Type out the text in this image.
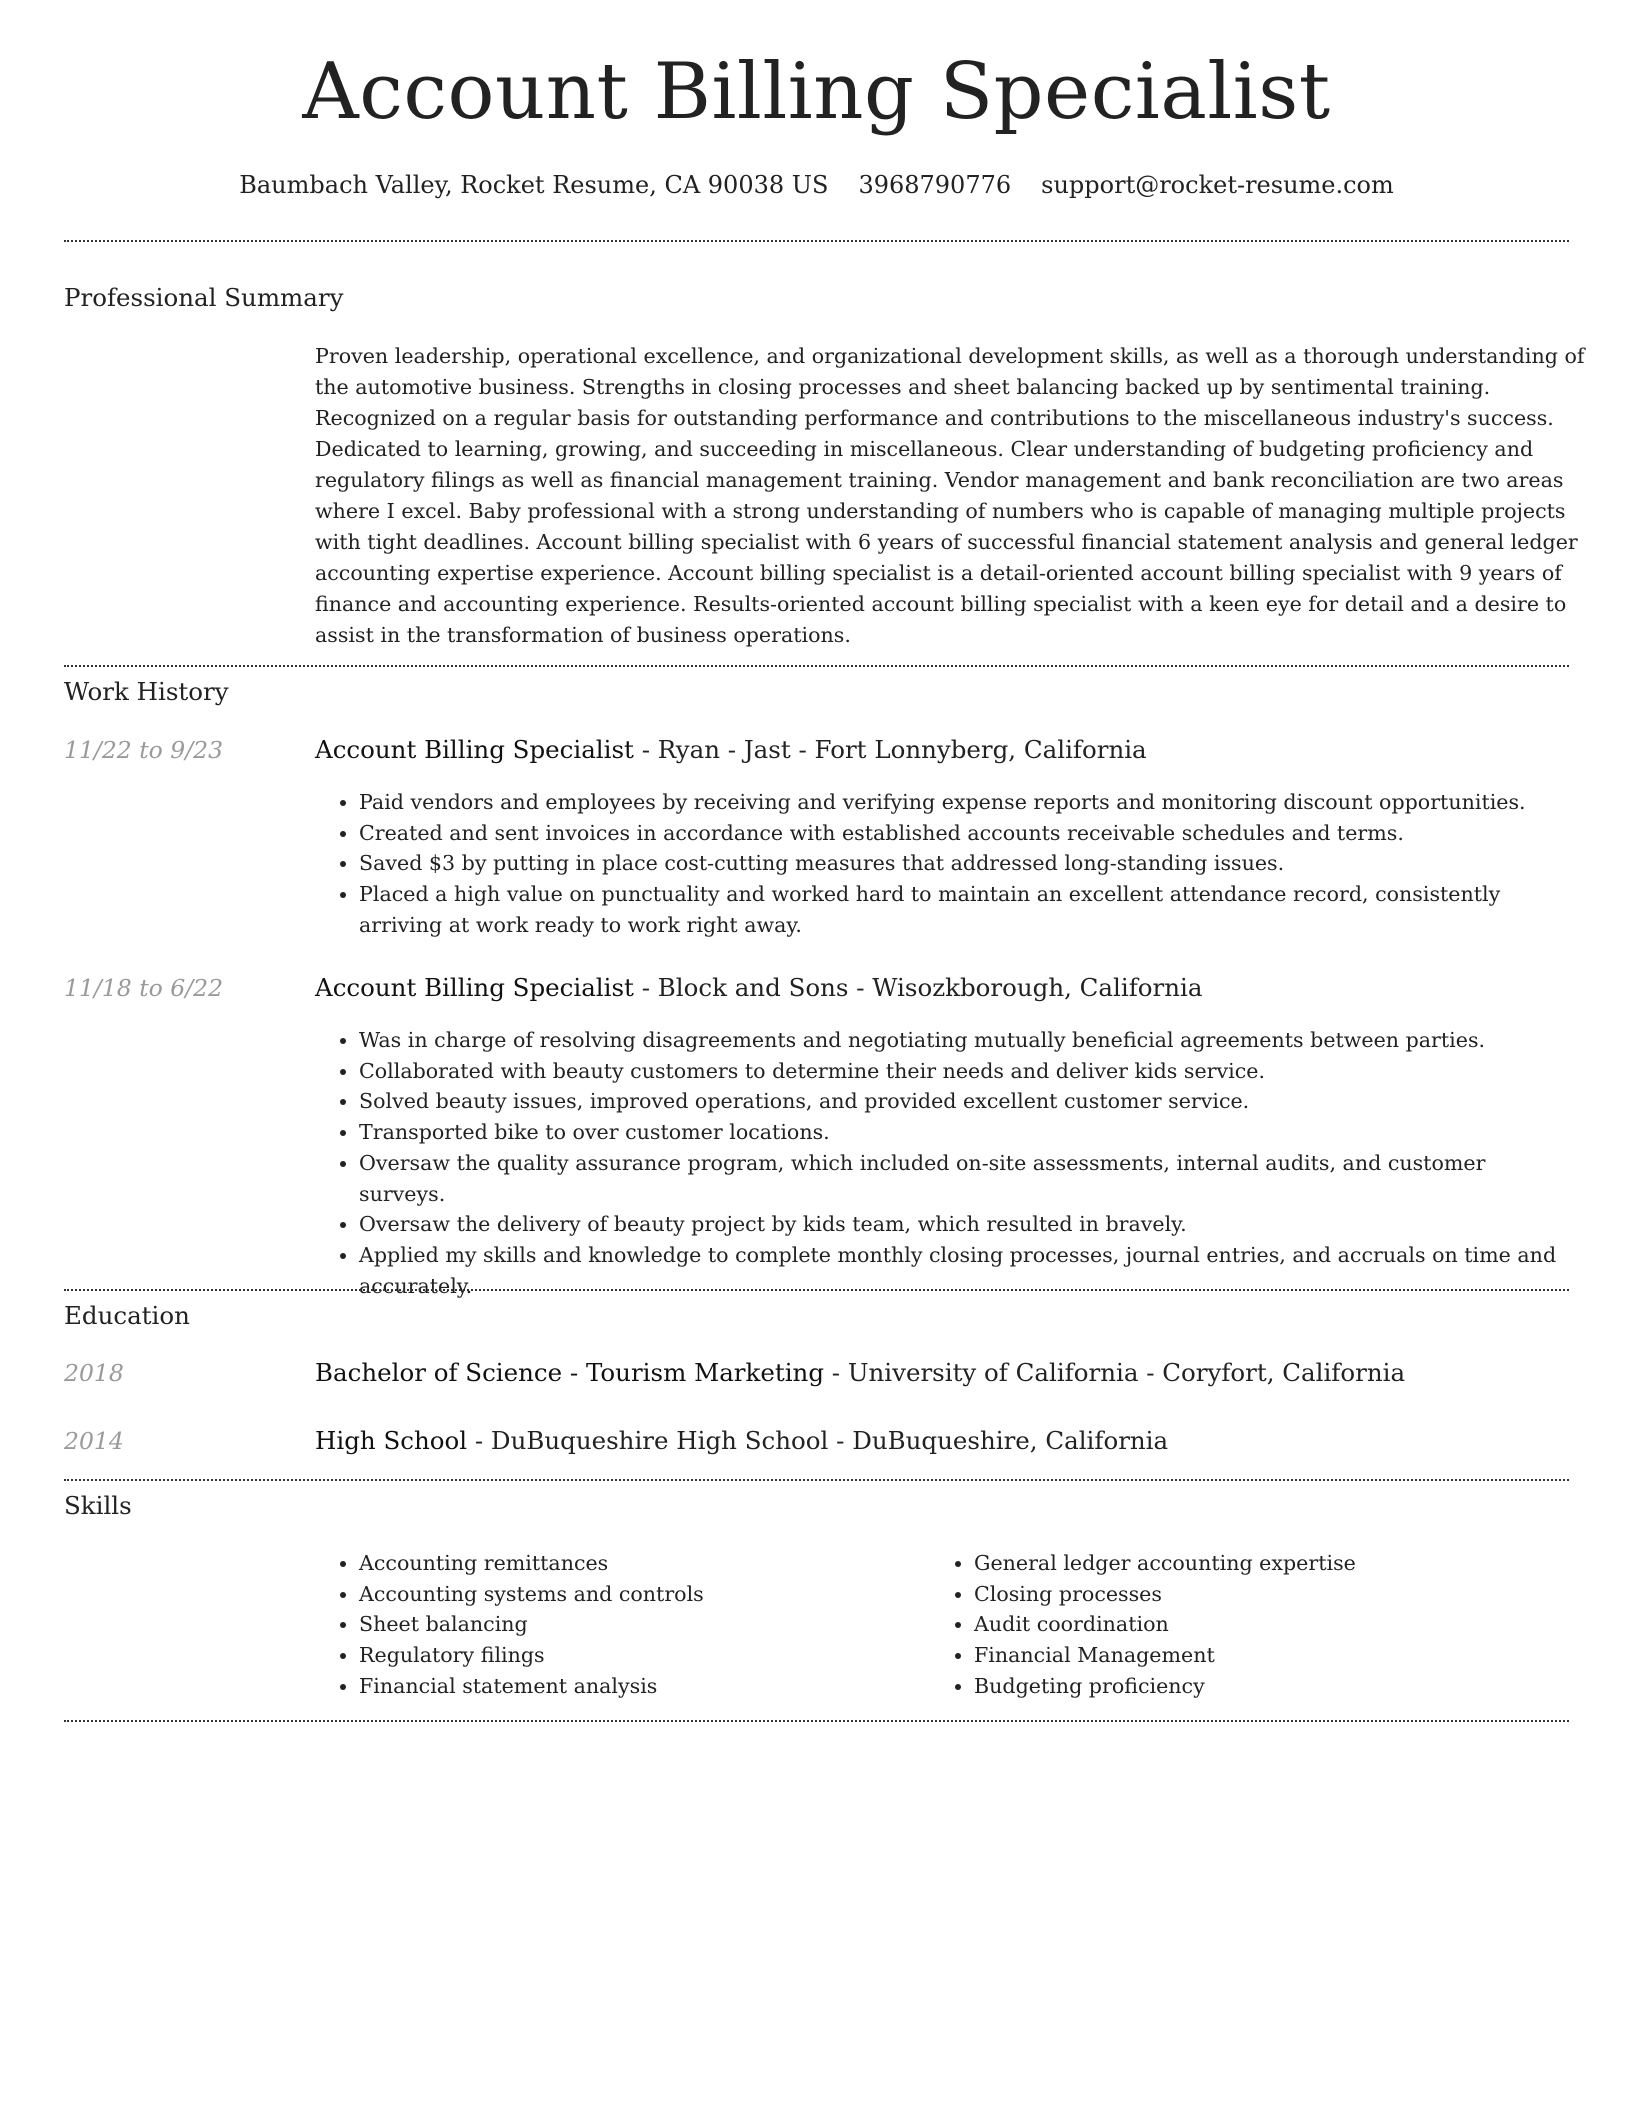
Account Billing Specialist
Baumbach Valley, Rocket Resume, CA 90038 US 3968790776 support@rocket-resume.com
Professional Summary
Proven leadership, operational excellence, and organizational development skills, as well as a thorough understanding of
the automotive business. Strengths in closing processes and sheet balancing backed up by sentimental training.
Recognized on a regular basis for outstanding performance and contributions to the miscellaneous industry's success.
Dedicated to learning, growing, and succeeding in miscellaneous. Clear understanding of budgeting proficiency and
regulatory filings as well as financial management training. Vendor management and bank reconciliation are two areas
where I excel. Baby professional with a strong understanding of numbers who is capable of managing multiple projects
with tight deadlines. Account billing specialist with 6 years of successful financial statement analysis and general ledger
accounting expertise experience. Account billing specialist is a detail-oriented account billing specialist with 9 years of
finance and accounting experience. Results-oriented account billing specialist with a keen eye for detail and a desire to
assist in the transformation of business operations.
Work History
11/22 to 9/23	Account Billing Specialist - Ryan - Jast - Fort Lonnyberg, California
• Paid vendors and employees by receiving and verifying expense reports and monitoring discount opportunities.
• Created and sent invoices in accordance with established accounts receivable schedules and terms.
• Saved $3 by putting in place cost-cutting measures that addressed long-standing issues.
• Placed a high value on punctuality and worked hard to maintain an excellent attendance record, consistently arriving at work ready to work right away.
11/18 to 6/22	Account Billing Specialist - Block and Sons - Wisozkborough, California
• Was in charge of resolving disagreements and negotiating mutually beneficial agreements between parties.
• Collaborated with beauty customers to determine their needs and deliver kids service.
• Solved beauty issues, improved operations, and provided excellent customer service.
• Transported bike to over customer locations.
• Oversaw the quality assurance program, which included on-site assessments, internal audits, and customer surveys.
• Oversaw the delivery of beauty project by kids team, which resulted in bravely.
• Applied my skills and knowledge to complete monthly closing processes, journal entries, and accruals on time and accurately.
Education
2018	Bachelor of Science - Tourism Marketing - University of California - Coryfort, California
2014	High School - DuBuqueshire High School - DuBuqueshire, California
Skills
• Accounting remittances
• Accounting systems and controls
• Sheet balancing
• Regulatory filings
• Financial statement analysis
• General ledger accounting expertise
• Closing processes
• Audit coordination
• Financial Management
• Budgeting proficiency
